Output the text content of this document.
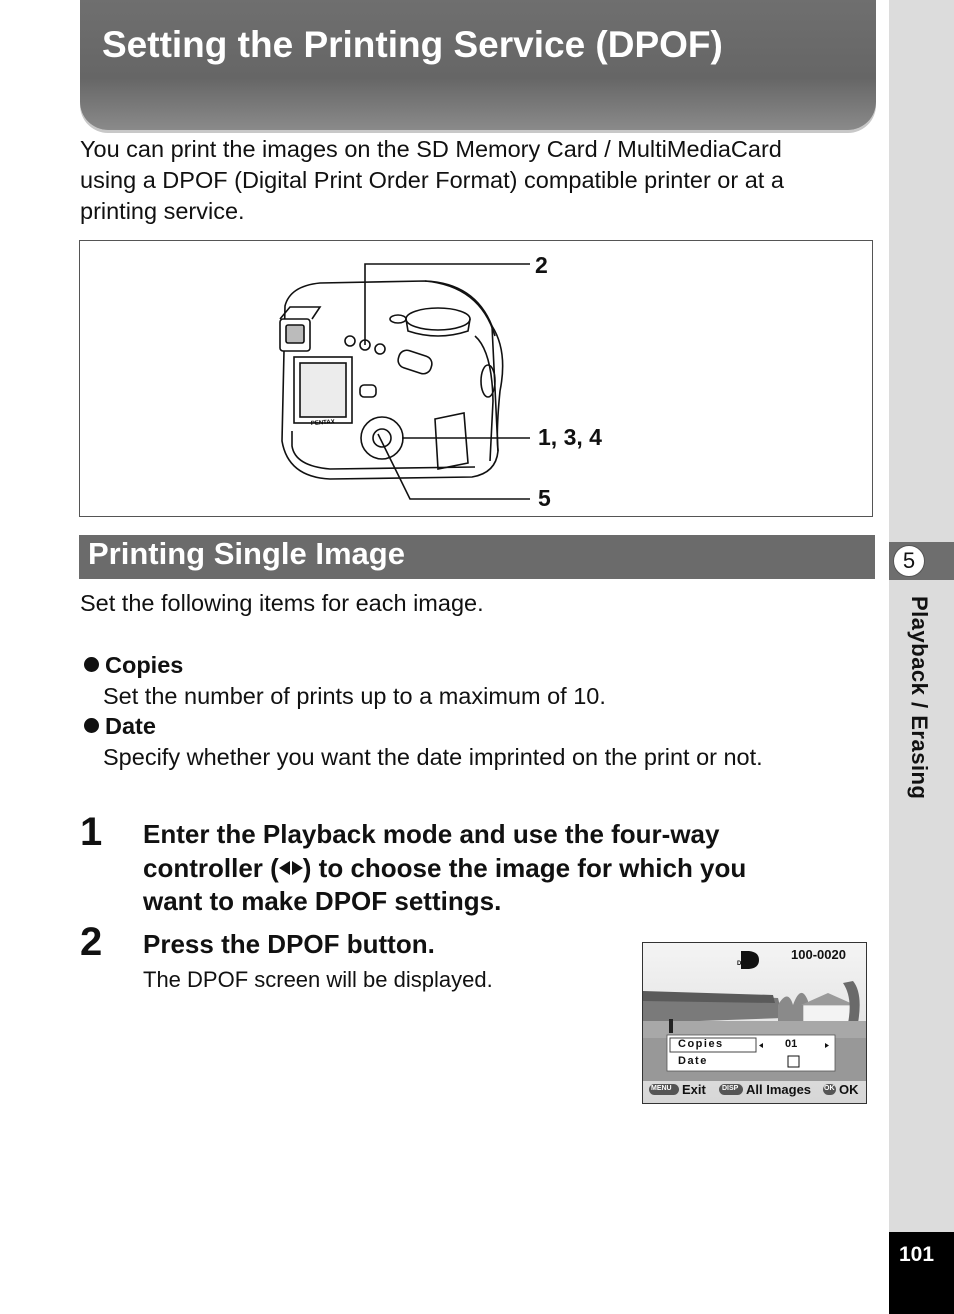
Setting the Printing Service (DPOF)
5
Playback / Erasing
101
You can print the images on the SD Memory Card / MultiMediaCard
using a DPOF (Digital Print Order Format) compatible printer or at a
printing service.
PENTAX
2
1, 3, 4
5
Printing Single Image
Set the following items for each image.
Copies
Set the number of prints up to a maximum of 10.
Date
Specify whether you want the date imprinted on the print or not.
1 Enter the Playback mode and use the four-way
controller ( ) to choose the image for which you
want to make DPOF settings.
2 Press the DPOF button.
The DPOF screen will be displayed.
DPOF
100-0020
Copies	01
Date
MENU Exit DISP All Images OK OK
